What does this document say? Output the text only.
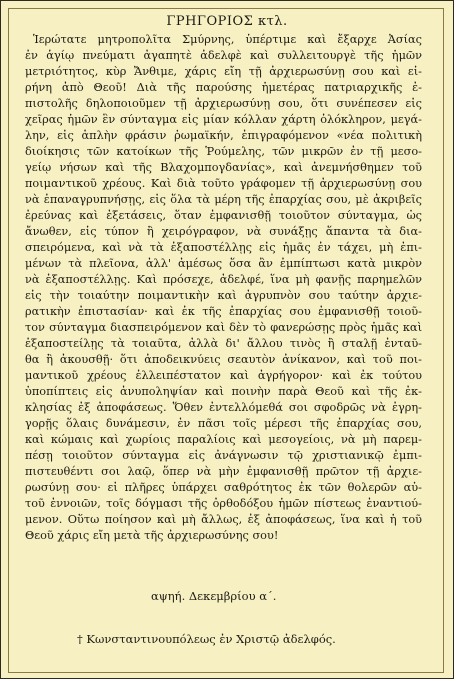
ΓΡΗΓΟΡΙΟΣ κτλ.
Ἱερώτατε μητροπολῖτα Σμύρνης, ὑπέρτιμε καὶ ἔξαρχε Ἀσίας
ἐν ἁγίῳ πνεύματι ἀγαπητὲ ἀδελφὲ καὶ συλλειτουργὲ τῆς ἡμῶν
μετριότητος, κὺρ Ἄνθιμε, χάρις εἴη τῇ ἀρχιερωσύνῃ σου καὶ εἰ-
ρήνη ἀπὸ Θεοῦ! Διὰ τῆς παρούσης ἡμετέρας πατριαρχικῆς ἐ-
πιστολῆς δηλοποιοῦμεν τῇ ἀρχιερωσύνῃ σου, ὅτι συνέπεσεν εἰς
χεῖρας ἡμῶν ἓν σύνταγμα εἰς μίαν κόλλαν χάρτη ὁλόκληρον, μεγά-
λην, εἰς ἁπλὴν φράσιν ῥωμαϊκήν, ἐπιγραφόμενον «νέα πολιτικὴ
διοίκησις τῶν κατοίκων τῆς Ῥούμελης, τῶν μικρῶν ἐν τῇ μεσο-
γείῳ νήσων καὶ τῆς Βλαχομπογδανίας», καὶ ἀνεμνήσθημεν τοῦ
ποιμαντικοῦ χρέους. Καὶ διὰ τοῦτο γράφομεν τῇ ἀρχιερωσύνῃ σου
νὰ ἐπαναγρυπνήσῃς, εἰς ὅλα τὰ μέρη τῆς ἐπαρχίας σου, μὲ ἀκριβεῖς
ἐρεύνας καὶ ἐξετάσεις, ὅταν ἐμφανισθῇ τοιοῦτον σύνταγμα, ὡς
ἄνωθεν, εἰς τύπον ἢ χειρόγραφον, νὰ συνάξῃς ἅπαντα τὰ δια-
σπειρόμενα, καὶ νὰ τὰ ἐξαποστέλλῃς εἰς ἡμᾶς ἐν τάχει, μὴ ἐπι-
μένων τὰ πλεῖονα, ἀλλ' ἀμέσως ὅσα ἂν ἐμπίπτωσι κατὰ μικρὸν
νὰ ἐξαποστέλλῃς. Καὶ πρόσεχε, ἀδελφέ, ἵνα μὴ φανῇς παρημελῶν
εἰς τὴν τοιαύτην ποιμαντικὴν καὶ ἀγρυπνὸν σου ταύτην ἀρχιε-
ρατικὴν ἐπιστασίαν· καὶ ἐκ τῆς ἐπαρχίας σου ἐμφανισθῇ τοιοῦ-
τον σύνταγμα διασπειρόμενον καὶ δὲν τὸ φανερώσῃς πρὸς ἡμᾶς καὶ
ἐξαποστείλῃς τὰ τοιαῦτα, ἀλλὰ δι' ἄλλου τινὸς ἢ σταλῇ ἐνταῦ-
θα ἢ ἀκουσθῇ· ὅτι ἀποδεικνύεις σεαυτὸν ἀνίκανον, καὶ τοῦ ποι-
μαντικοῦ χρέους ἐλλειπέστατον καὶ ἀγρήγορον· καὶ ἐκ τούτου
ὑποπίπτεις εἰς ἀνυποληψίαν καὶ ποινὴν παρὰ Θεοῦ καὶ τῆς ἐκ-
κλησίας ἐξ ἀποφάσεως. Ὅθεν ἐντελλόμεθά σοι σφοδρῶς νὰ ἐγρη-
γορῇς ὅλαις δυνάμεσιν, ἐν πᾶσι τοῖς μέρεσι τῆς ἐπαρχίας σου,
καὶ κώμαις καὶ χωρίοις παραλίοις καὶ μεσογείοις, νὰ μὴ παρεμ-
πέσῃ τοιοῦτον σύνταγμα εἰς ἀνάγνωσιν τῷ χριστιανικῷ ἐμπι-
πιστευθέντι σοι λαῷ, ὅπερ νὰ μὴν ἐμφανισθῇ πρῶτον τῇ ἀρχιε-
ρωσύνῃ σου· εἰ πλῆρες ὑπάρχει σαθρότητος ἐκ τῶν θολερῶν αὐ-
τοῦ ἐννοιῶν, τοῖς δόγμασι τῆς ὀρθοδόξου ἡμῶν πίστεως ἐναντιού-
μενον. Οὕτω ποίησον καὶ μὴ ἄλλως, ἐξ ἀποφάσεως, ἵνα καὶ ἡ τοῦ
Θεοῦ χάρις εἴη μετὰ τῆς ἀρχιερωσύνης σου!
αψηή. Δεκεμβρίου α΄.
† Κωνσταντινουπόλεως ἐν Χριστῷ ἀδελφός.
